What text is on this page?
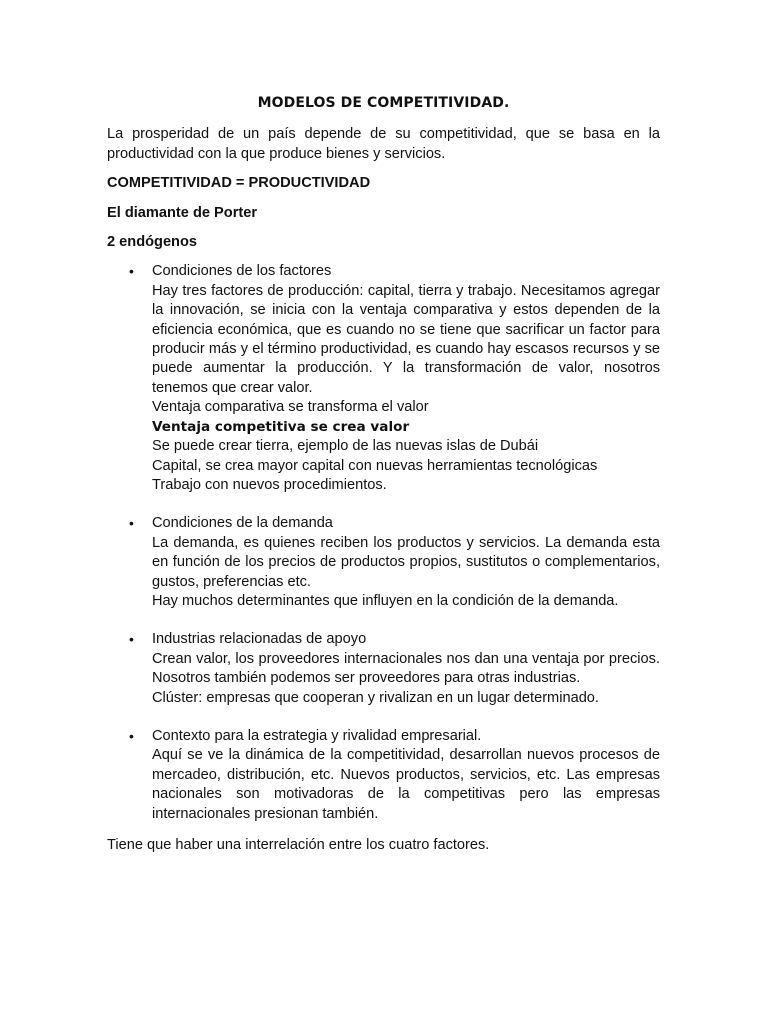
MODELOS DE COMPETITIVIDAD.

La prosperidad de un país depende de su competitividad, que se basa en la productividad con la que produce bienes y servicios.

COMPETITIVIDAD = PRODUCTIVIDAD

El diamante de Porter

2 endógenos

• Condiciones de los factores
Hay tres factores de producción: capital, tierra y trabajo. Necesitamos agregar la innovación, se inicia con la ventaja comparativa y estos dependen de la eficiencia económica, que es cuando no se tiene que sacrificar un factor para producir más y el término productividad, es cuando hay escasos recursos y se puede aumentar la producción. Y la transformación de valor, nosotros tenemos que crear valor.
Ventaja comparativa se transforma el valor
Ventaja competitiva se crea valor
Se puede crear tierra, ejemplo de las nuevas islas de Dubái
Capital, se crea mayor capital con nuevas herramientas tecnológicas
Trabajo con nuevos procedimientos.
• Condiciones de la demanda
La demanda, es quienes reciben los productos y servicios. La demanda esta en función de los precios de productos propios, sustitutos o complementarios, gustos, preferencias etc.
Hay muchos determinantes que influyen en la condición de la demanda.
• Industrias relacionadas de apoyo
Crean valor, los proveedores internacionales nos dan una ventaja por precios. Nosotros también podemos ser proveedores para otras industrias.
Clúster: empresas que cooperan y rivalizan en un lugar determinado.
• Contexto para la estrategia y rivalidad empresarial.
Aquí se ve la dinámica de la competitividad, desarrollan nuevos procesos de mercadeo, distribución, etc. Nuevos productos, servicios, etc. Las empresas nacionales son motivadoras de la competitivas pero las empresas internacionales presionan también.

Tiene que haber una interrelación entre los cuatro factores.
